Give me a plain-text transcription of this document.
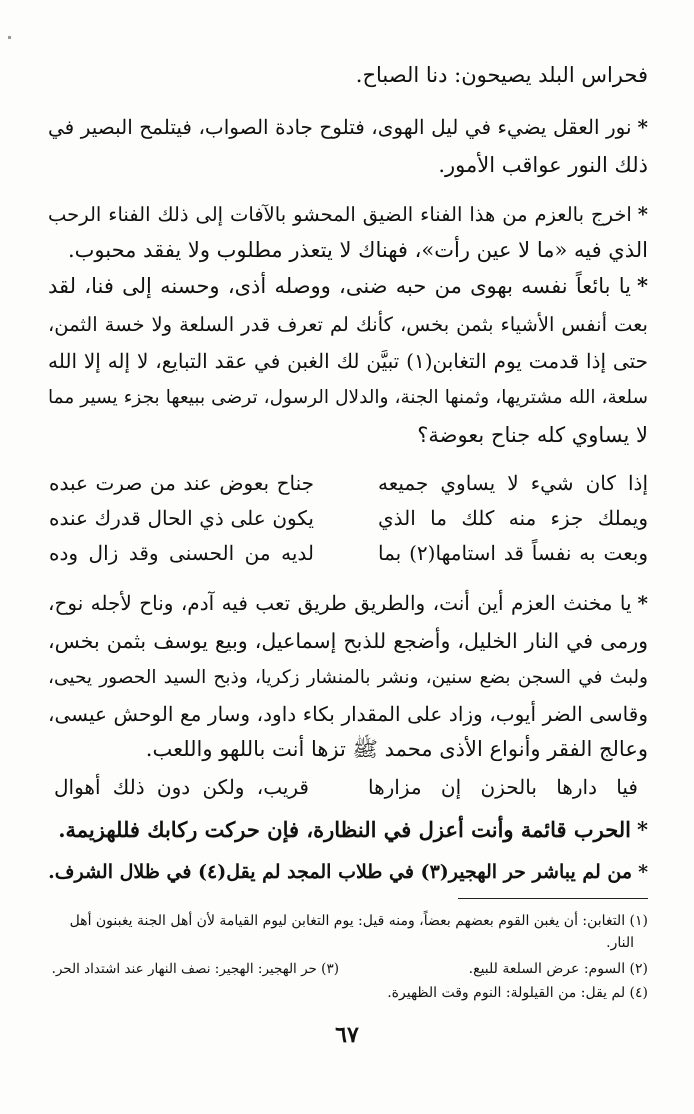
فحراس البلد يصيحون: دنا الصباح.
*نور العقل يضيء في ليل الهوى، فتلوح جادة الصواب، فيتلمح البصير في
ذلك النور عواقب الأمور.
*اخرج بالعزم من هذا الفناء الضيق المحشو بالآفات إلى ذلك الفناء الرحب
الذي فيه «ما لا عين رأت»، فهناك لا يتعذر مطلوب ولا يفقد محبوب.
*يا بائعاً نفسه بهوى من حبه ضنى، ووصله أذى، وحسنه إلى فنا، لقد
بعت أنفس الأشياء بثمن بخس، كأنك لم تعرف قدر السلعة ولا خسة الثمن،
حتى إذا قدمت يوم التغابن(١) تبيَّن لك الغبن في عقد التبايع، لا إله إلا الله
سلعة، الله مشتريها، وثمنها الجنة، والدلال الرسول، ترضى ببيعها بجزء يسير مما
لا يساوي كله جناح بعوضة؟
إذا كان شيء لا يساوي جميعه
جناح بعوض عند من صرت عبده
ويملك جزء منه كلك ما الذي
يكون على ذي الحال قدرك عنده
وبعت به نفساً قد استامها(٢) بما
لديه من الحسنى وقد زال وده
*يا مخنث العزم أين أنت، والطريق طريق تعب فيه آدم، وناح لأجله نوح،
ورمى في النار الخليل، وأضجع للذبح إسماعيل، وبيع يوسف بثمن بخس،
ولبث في السجن بضع سنين، ونشر بالمنشار زكريا، وذبح السيد الحصور يحيى،
وقاسى الضر أيوب، وزاد على المقدار بكاء داود، وسار مع الوحش عيسى،
وعالج الفقر وأنواع الأذى محمد ﷺ تزها أنت باللهو واللعب.
فيا دارها بالحزن إن مزارها
قريب، ولكن دون ذلك أهوال
*الحرب قائمة وأنت أعزل في النظارة، فإن حركت ركابك فللهزيمة.
*من لم يباشر حر الهجير(٣) في طلاب المجد لم يقل(٤) في ظلال الشرف.
(١) التغابن: أن يغبن القوم بعضهم بعضاً، ومنه قيل: يوم التغابن ليوم القيامة لأن أهل الجنة يغبنون أهل
النار.
(٢) السوم: عرض السلعة للبيع.
(٣) حر الهجير: الهجير: نصف النهار عند اشتداد الحر.
(٤) لم يقل: من القيلولة: النوم وقت الظهيرة.
٦٧
